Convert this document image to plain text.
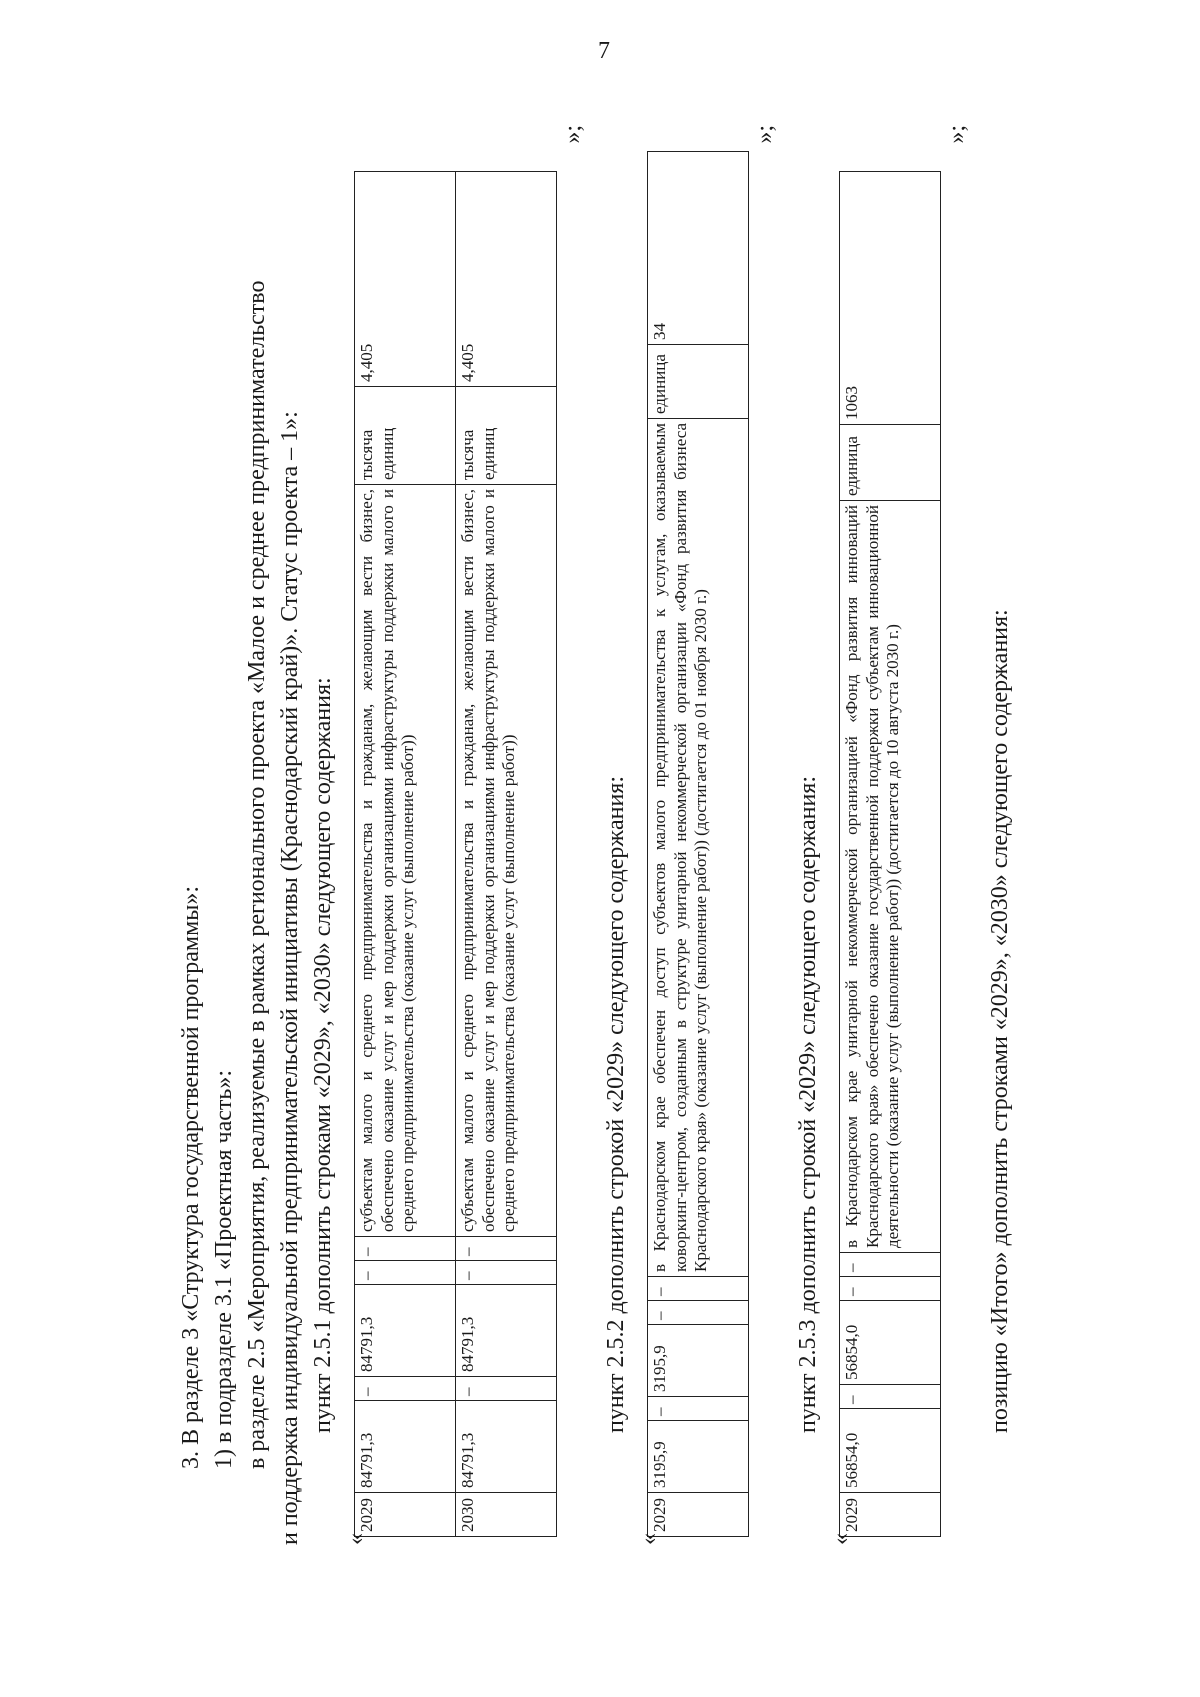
7

3. В разделе 3 «Структура государственной программы»: 1) в подразделе 3.1 «Проектная часть»: в разделе 2.5 «Мероприятия, реализуемые в рамках регионального проекта «Малое и среднее предпринимательство и поддержка индивидуальной предпринимательской инициативы (Краснодарский край)». Статус проекта – 1»: пункт 2.5.1 дополнить строками «2029», «2030» следующего содержания:

«

2029	84791,3	–	84791,3	–	–	субъектам малого и среднего предпринимательства и гражданам, желающим вести бизнес, обеспечено оказание услуг и мер поддержки организациями инфраструктуры поддержки малого и среднего предпринимательства (оказание услуг (выполнение работ))	тысяча единиц	4,405
2030	84791,3	–	84791,3	–	–	субъектам малого и среднего предпринимательства и гражданам, желающим вести бизнес, обеспечено оказание услуг и мер поддержки организациями инфраструктуры поддержки малого и среднего предпринимательства (оказание услуг (выполнение работ))	тысяча единиц	4,405

»;

пункт 2.5.2 дополнить строкой «2029» следующего содержания:

«

2029	3195,9	–	3195,9	–	–	в Краснодарском крае обеспечен доступ субъектов малого предпринимательства к услугам, оказываемым коворкинг-центром, созданным в структуре унитарной некоммерческой организации «Фонд развития бизнеса Краснодарского края» (оказание услуг (выполнение работ)) (достигается до 01 ноября 2030 г.)	единица	34

»;

пункт 2.5.3 дополнить строкой «2029» следующего содержания:

«

2029	56854,0	–	56854,0	–	–	в Краснодарском крае унитарной некоммерческой организацией «Фонд развития инноваций Краснодарского края» обеспечено оказание государственной поддержки субъектам инновационной деятельности (оказание услуг (выполнение работ)) (достигается до 10 августа 2030 г.)	единица	1063

»;

позицию «Итого» дополнить строками «2029», «2030» следующего содержания:
